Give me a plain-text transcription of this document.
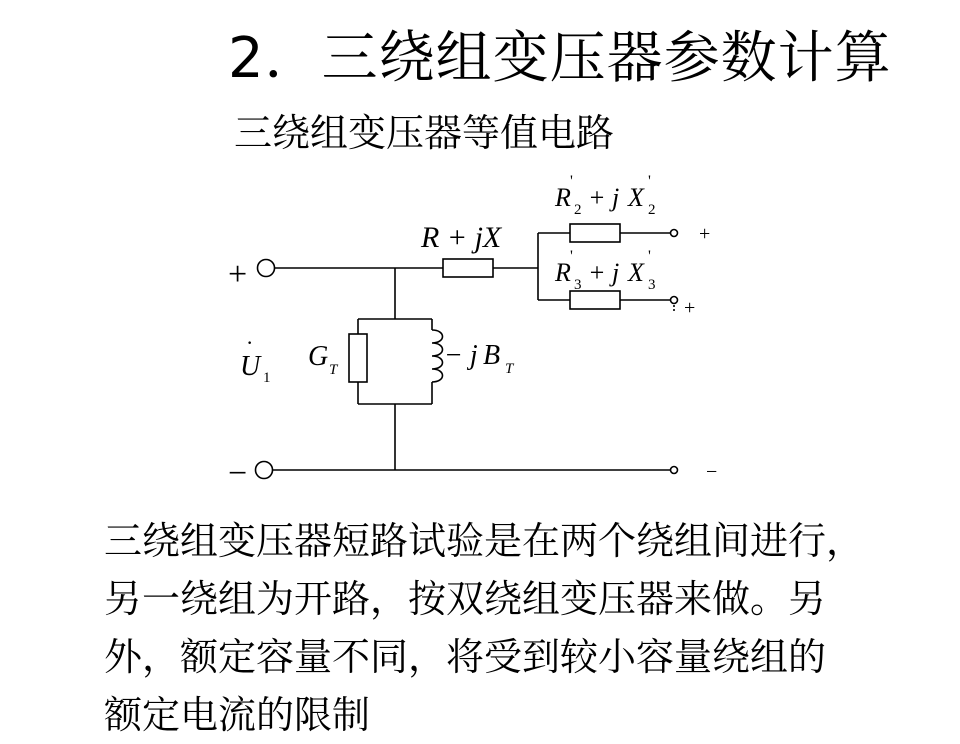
2．三绕组变压器参数计算
三绕组变压器等值电路
+
−
+
+
−
R + jX
R
'
2 + j X
'
2
R
'
3 + j X
'
3
G T	− j B T
·
U 1
三绕组变压器短路试验是在两个绕组间进行，
另一绕组为开路，按双绕组变压器来做。另
外，额定容量不同，将受到较小容量绕组的
额定电流的限制
